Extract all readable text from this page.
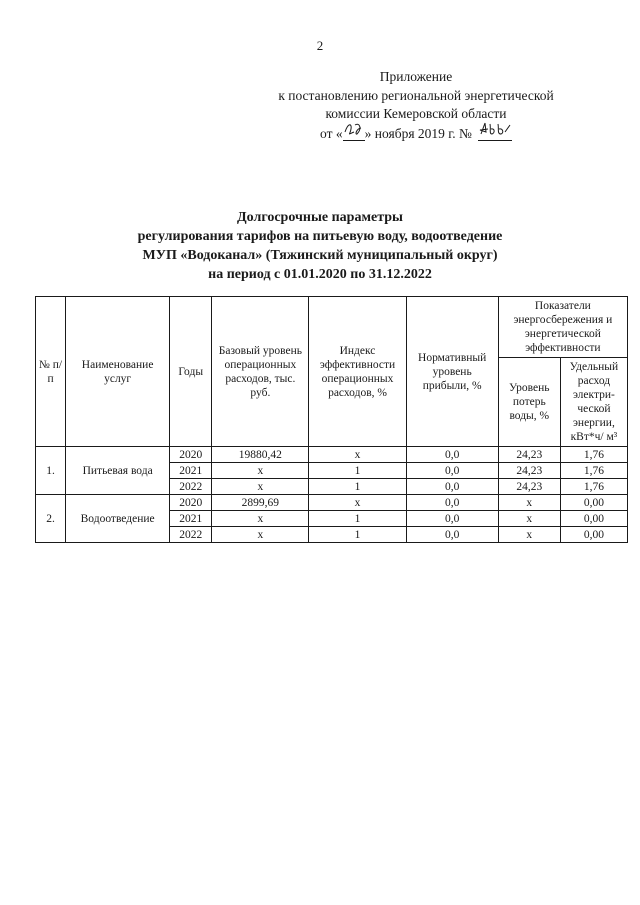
2
Приложение
к постановлению региональной энергетической
комиссии Кемеровской области
от « » ноября 2019 г. №
Долгосрочные параметры
регулирования тарифов на питьевую воду, водоотведение
МУП «Водоканал» (Тяжинский муниципальный округ)
на период с 01.01.2020 по 31.12.2022
№ п/п	Наименование услуг	Годы	Базовый уровень операционных расходов, тыс. руб.	Индекс эффективности операционных расходов, %	Нормативный уровень прибыли, %	Показатели энергосбережения и энергетической эффективности	
						Уровень потерь воды, %	Удельный расход электри-ческой энергии, кВт*ч/ м³
1.	Питьевая вода	2020	19880,42	x	0,0	24,23	1,76
		2021	x	1	0,0	24,23	1,76
		2022	x	1	0,0	24,23	1,76
2.	Водоотведение	2020	2899,69	x	0,0	x	0,00
		2021	x	1	0,0	x	0,00
		2022	x	1	0,0	x	0,00
